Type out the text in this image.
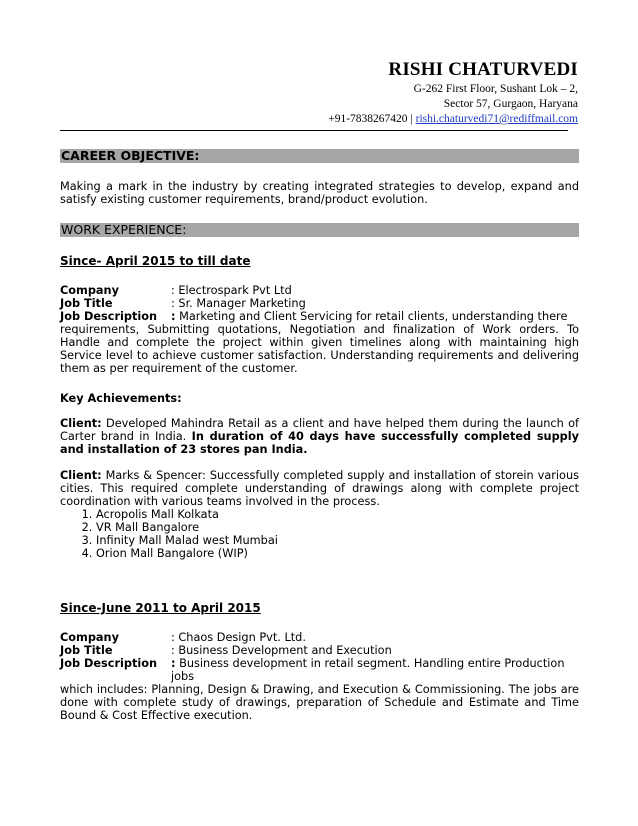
RISHI CHATURVEDI
G-262 First Floor, Sushant Lok – 2,
Sector 57, Gurgaon, Haryana
+91-7838267420 | rishi.chaturvedi71@rediffmail.com
CAREER OBJECTIVE:

Making a mark in the industry by creating integrated strategies to develop, expand and satisfy existing customer requirements, brand/product evolution.

WORK EXPERIENCE:
Since- April 2015 to till date
Company	: Electrospark Pvt Ltd
Job Title	: Sr. Manager Marketing
Job Description	: Marketing and Client Servicing for retail clients, understanding there

requirements, Submitting quotations, Negotiation and finalization of Work orders. To Handle and complete the project within given timelines along with maintaining high Service level to achieve customer satisfaction. Understanding requirements and delivering them as per requirement of the customer.

Key Achievements:

Client: Developed Mahindra Retail as a client and have helped them during the launch of Carter brand in India. In duration of 40 days have successfully completed supply and installation of 23 stores pan India.

Client: Marks & Spencer: Successfully completed supply and installation of storein various cities. This required complete understanding of drawings along with complete project coordination with various teams involved in the process.

1. Acropolis Mall Kolkata
2. VR Mall Bangalore
3. Infinity Mall Malad west Mumbai
4. Orion Mall Bangalore (WIP)
Since-June 2011 to April 2015
Company	: Chaos Design Pvt. Ltd.
Job Title	: Business Development and Execution
Job Description	: Business development in retail segment. Handling entire Production jobs

which includes: Planning, Design & Drawing, and Execution & Commissioning. The jobs are done with complete study of drawings, preparation of Schedule and Estimate and Time Bound & Cost Effective execution.
